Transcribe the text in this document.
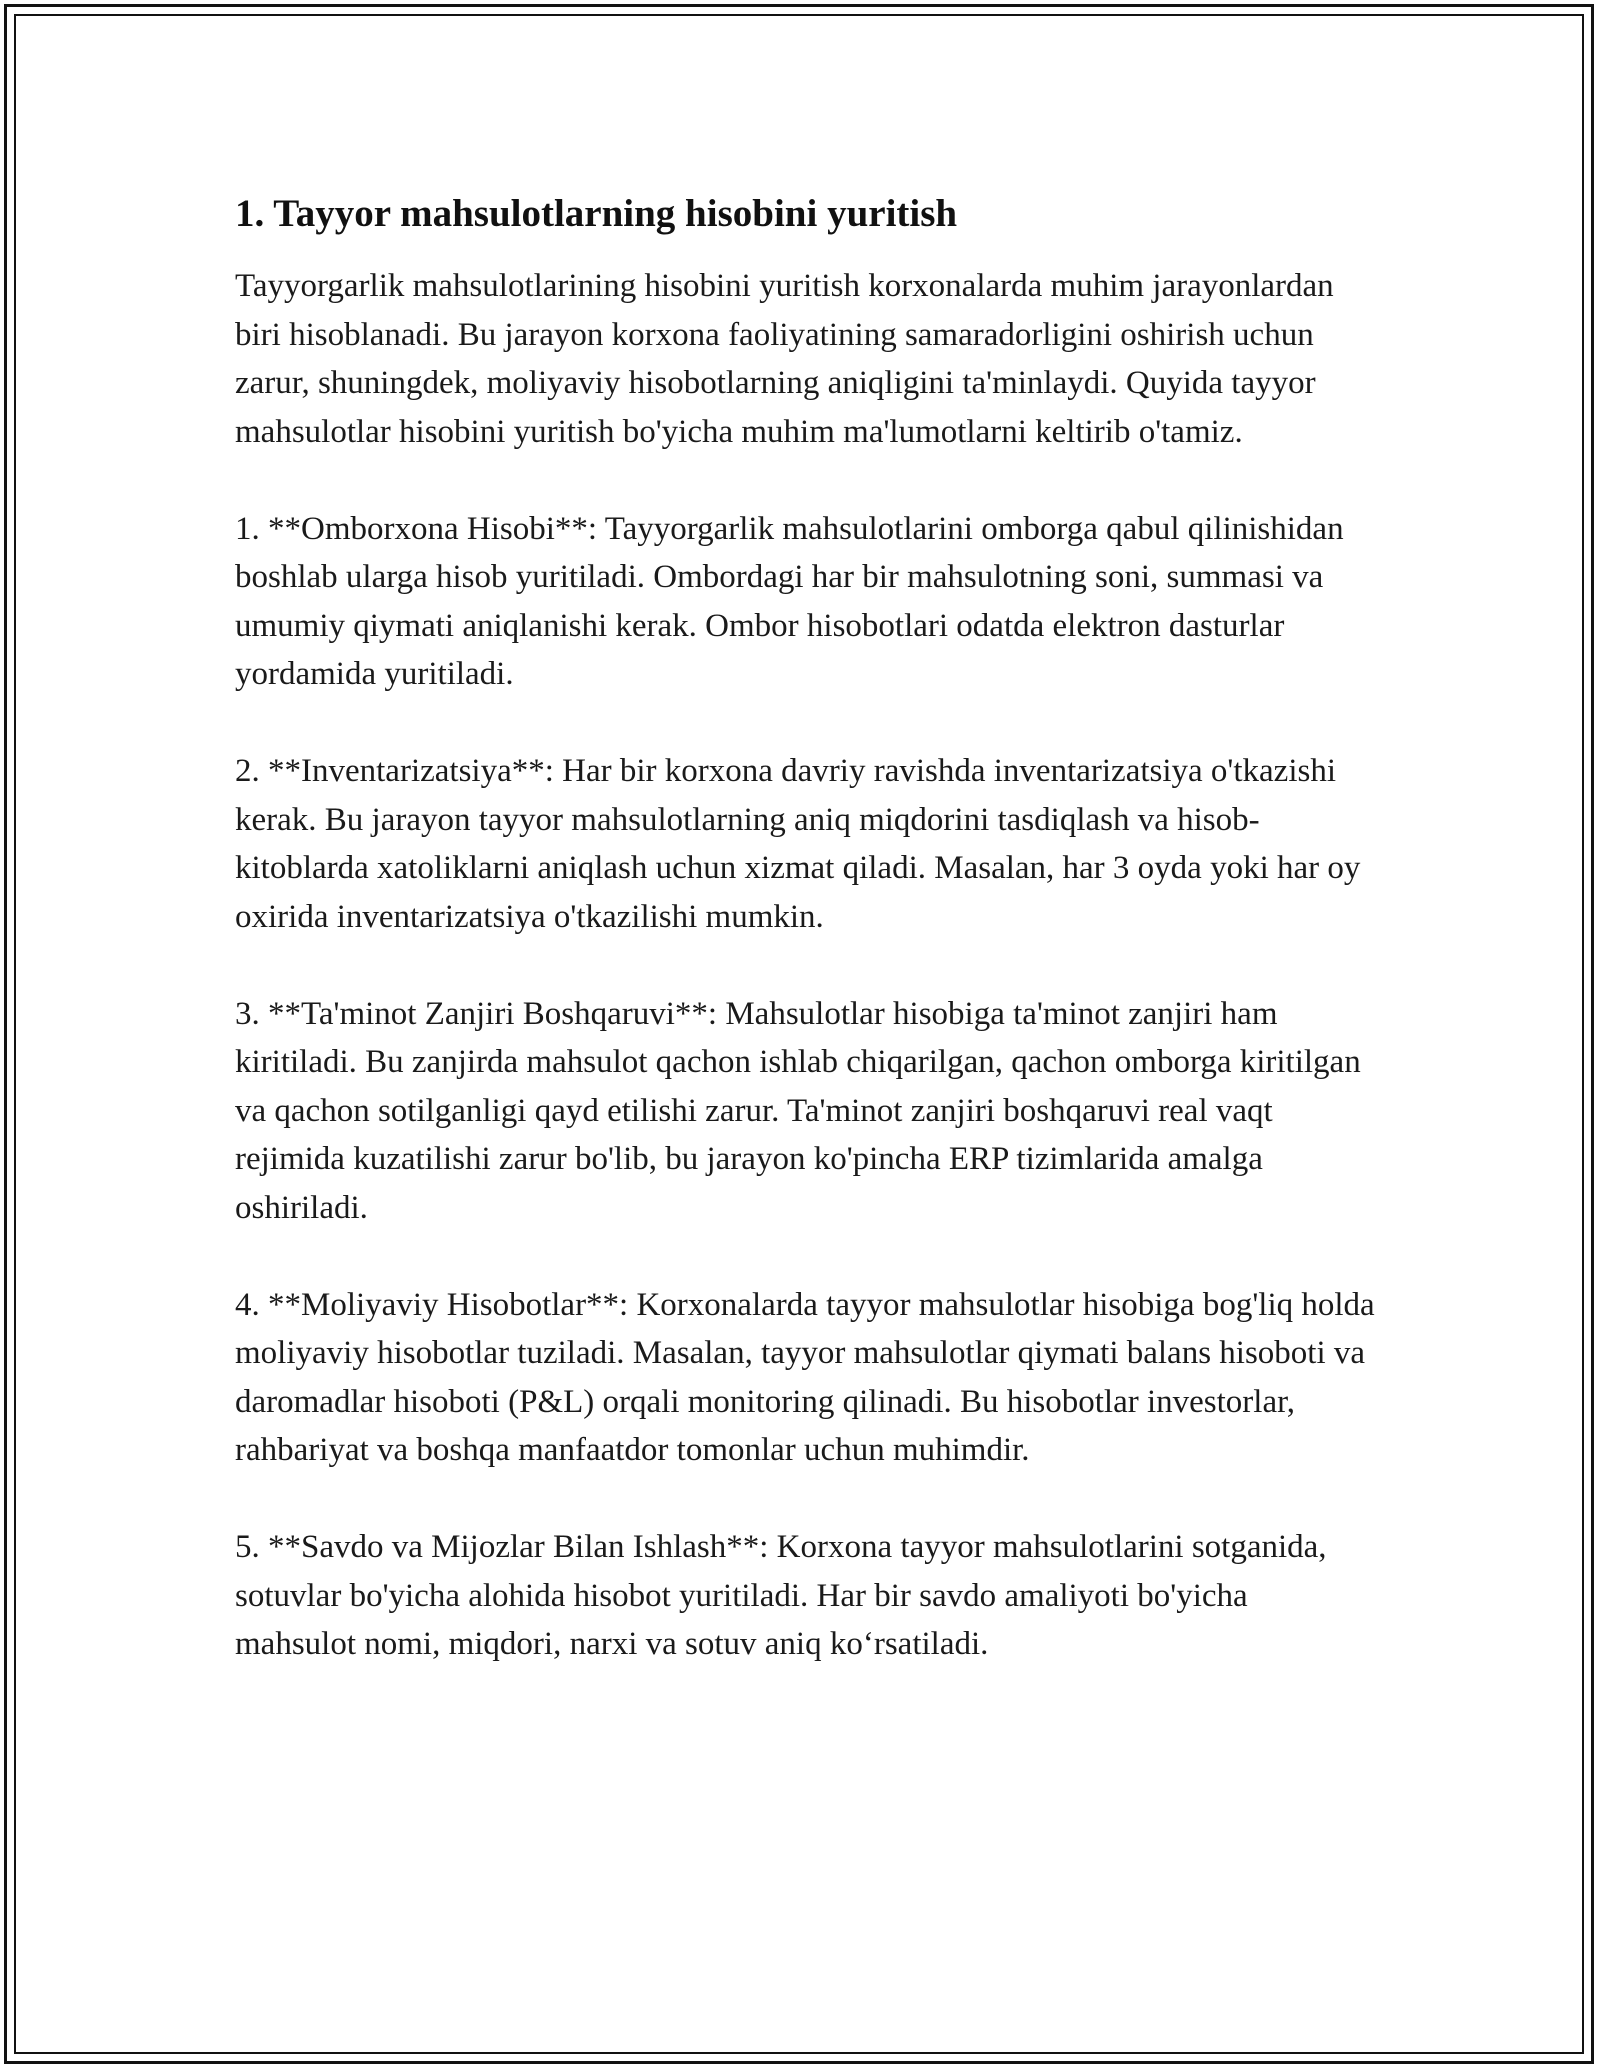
1. Tayyor mahsulotlarning hisobini yuritish

Tayyorgarlik mahsulotlarining hisobini yuritish korxonalarda muhim jarayonlardan biri hisoblanadi. Bu jarayon korxona faoliyatining samaradorligini oshirish uchun zarur, shuningdek, moliyaviy hisobotlarning aniqligini ta'minlaydi. Quyida tayyor mahsulotlar hisobini yuritish bo'yicha muhim ma'lumotlarni keltirib o'tamiz.

1. **Omborxona Hisobi**: Tayyorgarlik mahsulotlarini omborga qabul qilinishidan boshlab ularga hisob yuritiladi. Ombordagi har bir mahsulotning soni, summasi va umumiy qiymati aniqlanishi kerak. Ombor hisobotlari odatda elektron dasturlar yordamida yuritiladi.

2. **Inventarizatsiya**: Har bir korxona davriy ravishda inventarizatsiya o'tkazishi kerak. Bu jarayon tayyor mahsulotlarning aniq miqdorini tasdiqlash va hisob-kitoblarda xatoliklarni aniqlash uchun xizmat qiladi. Masalan, har 3 oyda yoki har oy oxirida inventarizatsiya o'tkazilishi mumkin.

3. **Ta'minot Zanjiri Boshqaruvi**: Mahsulotlar hisobiga ta'minot zanjiri ham kiritiladi. Bu zanjirda mahsulot qachon ishlab chiqarilgan, qachon omborga kiritilgan va qachon sotilganligi qayd etilishi zarur. Ta'minot zanjiri boshqaruvi real vaqt rejimida kuzatilishi zarur bo'lib, bu jarayon ko'pincha ERP tizimlarida amalga oshiriladi.

4. **Moliyaviy Hisobotlar**: Korxonalarda tayyor mahsulotlar hisobiga bog'liq holda moliyaviy hisobotlar tuziladi. Masalan, tayyor mahsulotlar qiymati balans hisoboti va daromadlar hisoboti (P&L) orqali monitoring qilinadi. Bu hisobotlar investorlar, rahbariyat va boshqa manfaatdor tomonlar uchun muhimdir.

5. **Savdo va Mijozlar Bilan Ishlash**: Korxona tayyor mahsulotlarini sotganida, sotuvlar bo'yicha alohida hisobot yuritiladi. Har bir savdo amaliyoti bo'yicha mahsulot nomi, miqdori, narxi va sotuv aniq koʻrsatiladi.
